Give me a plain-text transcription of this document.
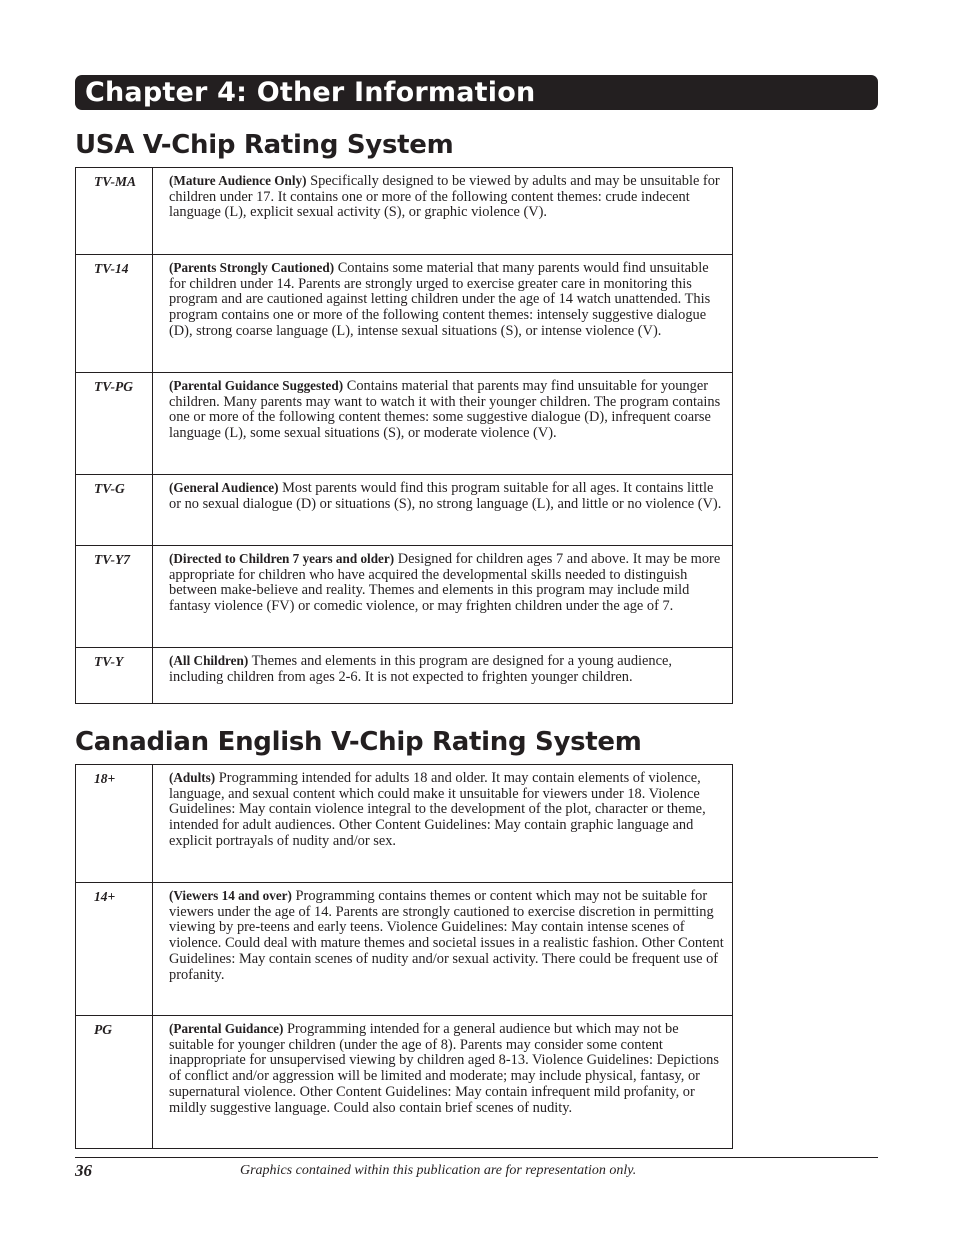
Chapter 4: Other Information
USA V-Chip Rating System
TV-MA	(Mature Audience Only) Specifically designed to be viewed by adults and may be unsuitable for children under 17. It contains one or more of the following content themes: crude indecent language (L), explicit sexual activity (S), or graphic violence (V).
TV-14	(Parents Strongly Cautioned) Contains some material that many parents would find unsuitable for children under 14. Parents are strongly urged to exercise greater care in monitoring this program and are cautioned against letting children under the age of 14 watch unattended. This program contains one or more of the following content themes: intensely suggestive dialogue (D), strong coarse language (L), intense sexual situations (S), or intense violence (V).
TV-PG	(Parental Guidance Suggested) Contains material that parents may find unsuitable for younger children. Many parents may want to watch it with their younger children. The program contains one or more of the following content themes: some suggestive dialogue (D), infrequent coarse language (L), some sexual situations (S), or moderate violence (V).
TV-G	(General Audience) Most parents would find this program suitable for all ages. It contains little or no sexual dialogue (D) or situations (S), no strong language (L), and little or no violence (V).
TV-Y7	(Directed to Children 7 years and older) Designed for children ages 7 and above. It may be more appropriate for children who have acquired the developmental skills needed to distinguish between make-believe and reality. Themes and elements in this program may include mild fantasy violence (FV) or comedic violence, or may frighten children under the age of 7.
TV-Y	(All Children) Themes and elements in this program are designed for a young audience, including children from ages 2-6. It is not expected to frighten younger children.
Canadian English V-Chip Rating System
18+	(Adults) Programming intended for adults 18 and older. It may contain elements of violence, language, and sexual content which could make it unsuitable for viewers under 18. Violence Guidelines: May contain violence integral to the development of the plot, character or theme, intended for adult audiences. Other Content Guidelines: May contain graphic language and explicit portrayals of nudity and/or sex.
14+	(Viewers 14 and over) Programming contains themes or content which may not be suitable for viewers under the age of 14. Parents are strongly cautioned to exercise discretion in permitting viewing by pre-teens and early teens. Violence Guidelines: May contain intense scenes of violence. Could deal with mature themes and societal issues in a realistic fashion. Other Content Guidelines: May contain scenes of nudity and/or sexual activity. There could be frequent use of profanity.
PG	(Parental Guidance) Programming intended for a general audience but which may not be suitable for younger children (under the age of 8). Parents may consider some content inappropriate for unsupervised viewing by children aged 8-13. Violence Guidelines: Depictions of conflict and/or aggression will be limited and moderate; may include physical, fantasy, or supernatural violence. Other Content Guidelines: May contain infrequent mild profanity, or mildly suggestive language. Could also contain brief scenes of nudity.
36	Graphics contained within this publication are for representation only.
